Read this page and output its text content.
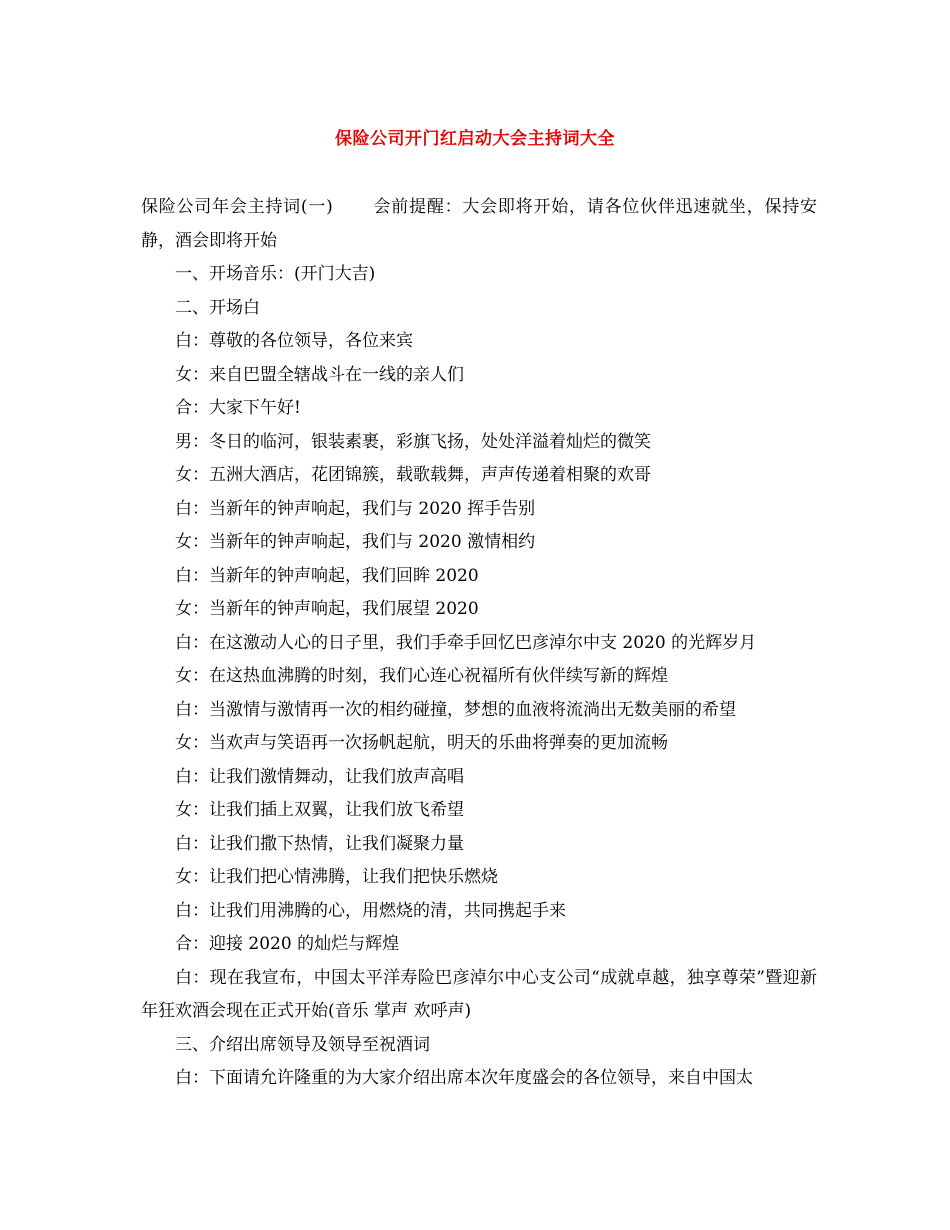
保险公司开门红启动大会主持词大全

保险公司年会主持词(一) 会前提醒：大会即将开始，请各位伙伴迅速就坐，保持安静，酒会即将开始

一、开场音乐：(开门大吉)

二、开场白

白：尊敬的各位领导，各位来宾

女：来自巴盟全辖战斗在一线的亲人们

合：大家下午好!

男：冬日的临河，银装素裹，彩旗飞扬，处处洋溢着灿烂的微笑

女：五洲大酒店，花团锦簇，载歌载舞，声声传递着相聚的欢哥

白：当新年的钟声响起，我们与 2020 挥手告别

女：当新年的钟声响起，我们与 2020 激情相约

白：当新年的钟声响起，我们回眸 2020

女：当新年的钟声响起，我们展望 2020

白：在这激动人心的日子里，我们手牵手回忆巴彦淖尔中支 2020 的光辉岁月

女：在这热血沸腾的时刻，我们心连心祝福所有伙伴续写新的辉煌

白：当激情与激情再一次的相约碰撞，梦想的血液将流淌出无数美丽的希望

女：当欢声与笑语再一次扬帆起航，明天的乐曲将弹奏的更加流畅

白：让我们激情舞动，让我们放声高唱

女：让我们插上双翼，让我们放飞希望

白：让我们撒下热情，让我们凝聚力量

女：让我们把心情沸腾，让我们把快乐燃烧

白：让我们用沸腾的心，用燃烧的清，共同携起手来

合：迎接 2020 的灿烂与辉煌

白：现在我宣布，中国太平洋寿险巴彦淖尔中心支公司“成就卓越，独享尊荣”暨迎新年狂欢酒会现在正式开始(音乐 掌声 欢呼声)

三、介绍出席领导及领导至祝酒词

白：下面请允许隆重的为大家介绍出席本次年度盛会的各位领导，来自中国太
